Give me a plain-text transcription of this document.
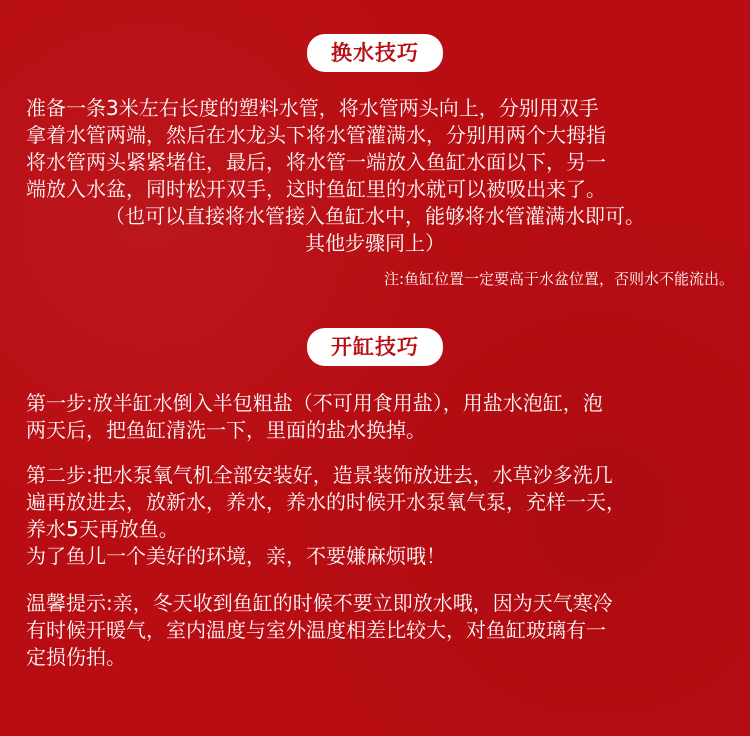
换水技巧
准备一条3米左右长度的塑料水管，将水管两头向上，分别用双手
拿着水管两端，然后在水龙头下将水管灌满水，分别用两个大拇指
将水管两头紧紧堵住，最后，将水管一端放入鱼缸水面以下，另一
端放入水盆，同时松开双手，这时鱼缸里的水就可以被吸出来了。
（也可以直接将水管接入鱼缸水中，能够将水管灌满水即可。
其他步骤同上）
注:鱼缸位置一定要高于水盆位置，否则水不能流出。
开缸技巧
第一步:放半缸水倒入半包粗盐（不可用食用盐），用盐水泡缸，泡
两天后，把鱼缸清洗一下，里面的盐水换掉。
第二步:把水泵氧气机全部安装好，造景装饰放进去，水草沙多洗几
遍再放进去，放新水，养水，养水的时候开水泵氧气泵，充样一天，
养水5天再放鱼。
为了鱼儿一个美好的环境，亲，不要嫌麻烦哦！
温馨提示:亲，冬天收到鱼缸的时候不要立即放水哦，因为天气寒冷
有时候开暖气，室内温度与室外温度相差比较大，对鱼缸玻璃有一
定损伤拍。
